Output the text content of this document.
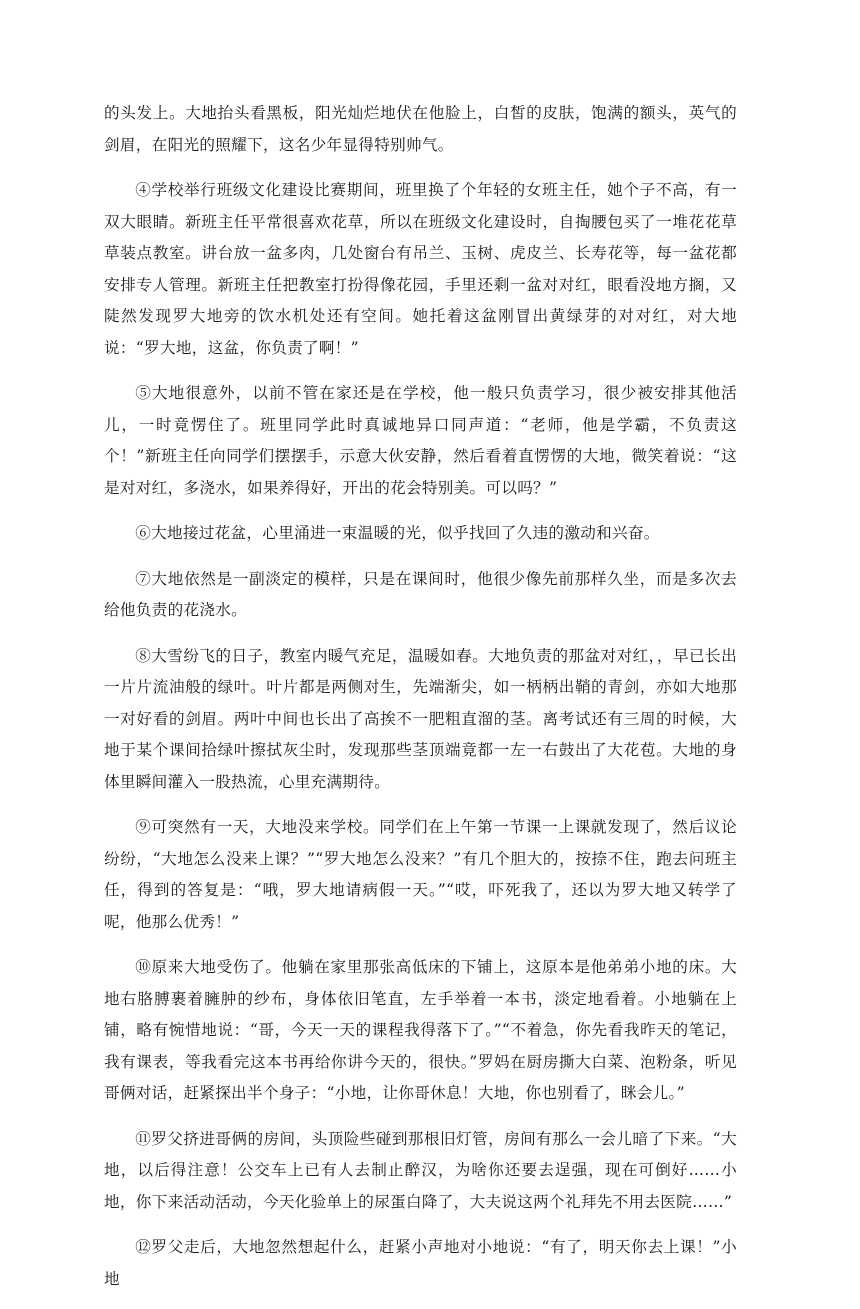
的头发上。大地抬头看黑板，阳光灿烂地伏在他脸上，白皙的皮肤，饱满的额头，英气的剑眉，在阳光的照耀下，这名少年显得特别帅气。

④学校举行班级文化建设比赛期间，班里换了个年轻的女班主任，她个子不高，有一双大眼睛。新班主任平常很喜欢花草，所以在班级文化建设时，自掏腰包买了一堆花花草草装点教室。讲台放一盆多肉，几处窗台有吊兰、玉树、虎皮兰、长寿花等，每一盆花都安排专人管理。新班主任把教室打扮得像花园，手里还剩一盆对对红，眼看没地方搁，又陡然发现罗大地旁的饮水机处还有空间。她托着这盆刚冒出黄绿芽的对对红，对大地说：“罗大地，这盆，你负责了啊！”

⑤大地很意外，以前不管在家还是在学校，他一般只负责学习，很少被安排其他活儿，一时竟愣住了。班里同学此时真诚地异口同声道：“老师，他是学霸，不负责这个！”新班主任向同学们摆摆手，示意大伙安静，然后看着直愣愣的大地，微笑着说：“这是对对红，多浇水，如果养得好，开出的花会特别美。可以吗？”

⑥大地接过花盆，心里涌进一束温暖的光，似乎找回了久违的激动和兴奋。

⑦大地依然是一副淡定的模样，只是在课间时，他很少像先前那样久坐，而是多次去给他负责的花浇水。

⑧大雪纷飞的日子，教室内暖气充足，温暖如春。大地负责的那盆对对红，，早已长出一片片流油般的绿叶。叶片都是两侧对生，先端渐尖，如一柄柄出鞘的青剑，亦如大地那一对好看的剑眉。两叶中间也长出了高挨不一肥粗直溜的茎。离考试还有三周的时候，大地于某个课间拾绿叶擦拭灰尘时，发现那些茎顶端竟都一左一右鼓出了大花苞。大地的身体里瞬间灌入一股热流，心里充满期待。

⑨可突然有一天，大地没来学校。同学们在上午第一节课一上课就发现了，然后议论纷纷，“大地怎么没来上课？”“罗大地怎么没来？”有几个胆大的，按捺不住，跑去问班主任，得到的答复是：“哦，罗大地请病假一天。”“哎，吓死我了，还以为罗大地又转学了呢，他那么优秀！”

⑩原来大地受伤了。他躺在家里那张高低床的下铺上，这原本是他弟弟小地的床。大地右胳膊裹着臃肿的纱布，身体依旧笔直，左手举着一本书，淡定地看着。小地躺在上铺，略有惋惜地说：“哥，今天一天的课程我得落下了。”“不着急，你先看我昨天的笔记，我有课表，等我看完这本书再给你讲今天的，很快。”罗妈在厨房撕大白菜、泡粉条，听见哥俩对话，赶紧探出半个身子：“小地，让你哥休息！大地，你也别看了，眯会儿。”

⑪罗父挤进哥俩的房间，头顶险些碰到那根旧灯管，房间有那么一会儿暗了下来。“大地，以后得注意！公交车上已有人去制止醉汉，为啥你还要去逞强，现在可倒好……小地，你下来活动活动，今天化验单上的尿蛋白降了，大夫说这两个礼拜先不用去医院……”

⑫罗父走后，大地忽然想起什么，赶紧小声地对小地说：“有了，明天你去上课！”小地
